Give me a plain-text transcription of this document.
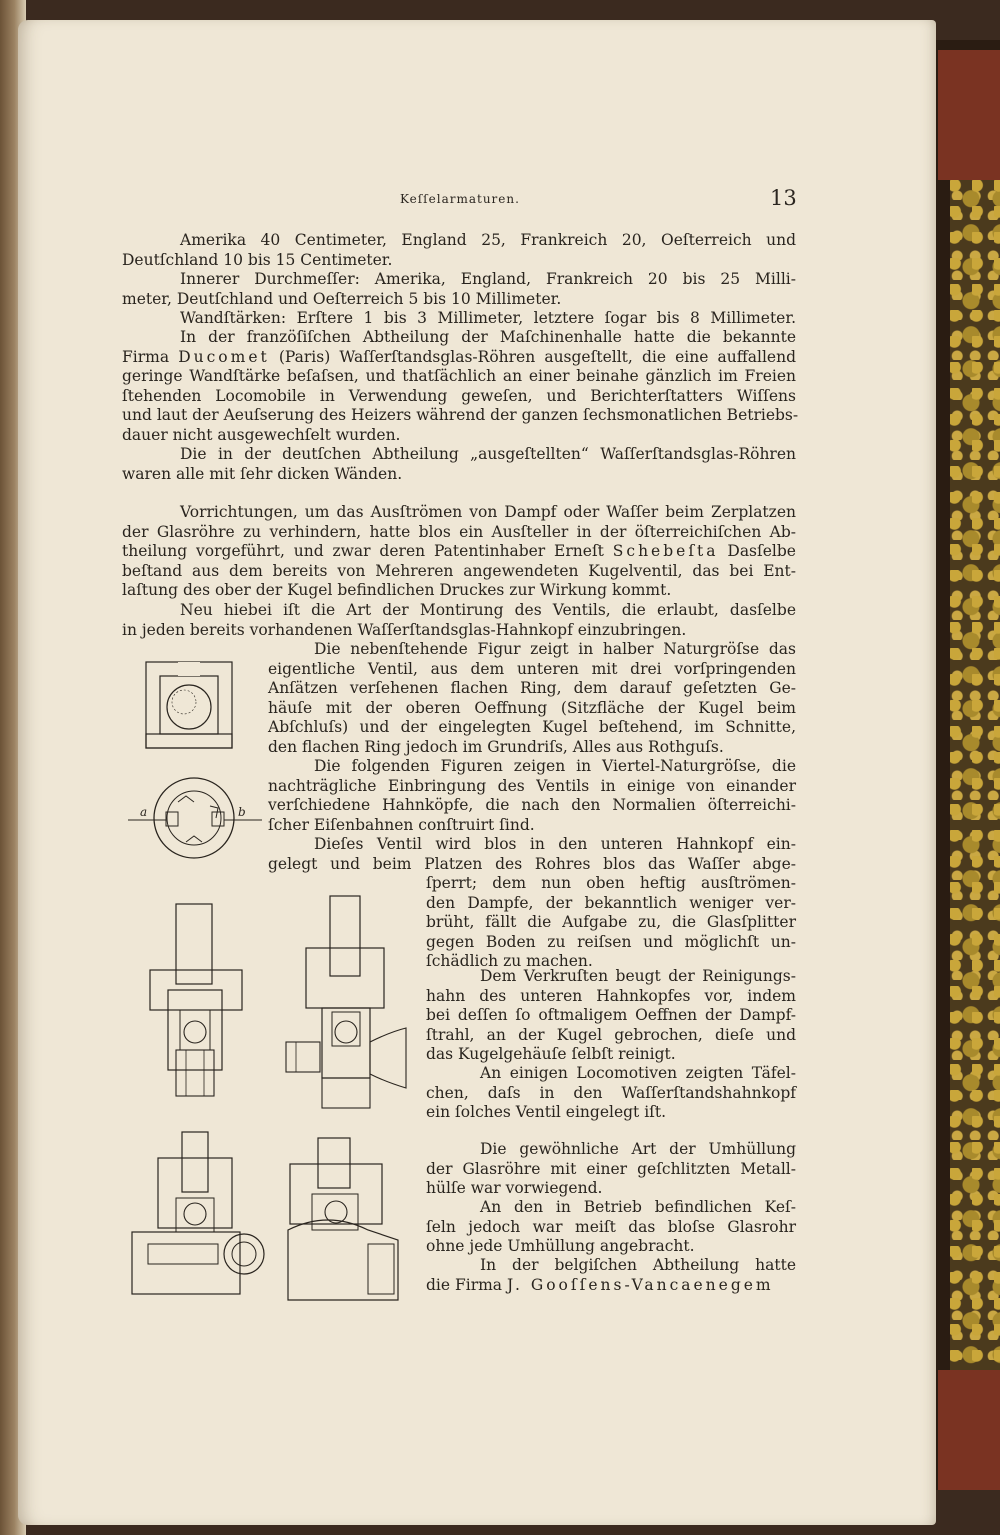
Keſſelarmaturen.	13

Amerika 40 Centimeter, England 25, Frankreich 20, Oeſterreich und
Deutſchland 10 bis 15 Centimeter.

Innerer Durchmeſſer: Amerika, England, Frankreich 20 bis 25 Milli-
meter, Deutſchland und Oeſterreich 5 bis 10 Millimeter.

Wandſtärken: Erſtere 1 bis 3 Millimeter, letztere ſogar bis 8 Millimeter.

In der franzöſiſchen Abtheilung der Maſchinenhalle hatte die bekannte
Firma Ducomet (Paris) Waſſerſtandsglas-Röhren ausgeſtellt, die eine auffallend
geringe Wandſtärke beſaſsen, und thatſächlich an einer beinahe gänzlich im Freien
ſtehenden Locomobile in Verwendung geweſen, und Berichterſtatters Wiſſens
und laut der Aeuſserung des Heizers während der ganzen ſechsmonatlichen Betriebs-
dauer nicht ausgewechſelt wurden.

Die in der deutſchen Abtheilung „ausgeſtellten“ Waſſerſtandsglas-Röhren
waren alle mit ſehr dicken Wänden.

Vorrichtungen, um das Ausſtrömen von Dampf oder Waſſer beim Zerplatzen
der Glasröhre zu verhindern, hatte blos ein Ausſteller in der öſterreichiſchen Ab-
theilung vorgeführt, und zwar deren Patentinhaber Erneſt Schebeſta Dasſelbe
beſtand aus dem bereits von Mehreren angewendeten Kugelventil, das bei Ent-
laſtung des ober der Kugel befindlichen Druckes zur Wirkung kommt.

Neu hiebei iſt die Art der Montirung des Ventils, die erlaubt, dasſelbe
in jeden bereits vorhandenen Waſſerſtandsglas-Hahnkopf einzubringen.

Die nebenſtehende Figur zeigt in halber Naturgröſse das
eigentliche Ventil, aus dem unteren mit drei vorſpringenden
Anſätzen verſehenen flachen Ring, dem darauf geſetzten Ge-
häuſe mit der oberen Oeffnung (Sitzfläche der Kugel beim
Abſchluſs) und der eingelegten Kugel beſtehend, im Schnitte,
den flachen Ring jedoch im Grundriſs, Alles aus Rothguſs.

Die folgenden Figuren zeigen in Viertel-Naturgröſse, die
nachträgliche Einbringung des Ventils in einige von einander
verſchiedene Hahnköpfe, die nach den Normalien öſterreichi-
ſcher Eiſenbahnen conſtruirt ſind.

Dieſes Ventil wird blos in den unteren Hahnkopf ein-
gelegt und beim Platzen des Rohres blos das Waſſer abge-

ſperrt; dem nun oben heftig ausſtrömen-
den Dampfe, der bekanntlich weniger ver-
brüht, fällt die Aufgabe zu, die Glasſplitter
gegen Boden zu reiſsen und möglichſt un-
ſchädlich zu machen.

Dem Verkruſten beugt der Reinigungs-
hahn des unteren Hahnkopfes vor, indem
bei deſſen ſo oftmaligem Oeffnen der Dampf-
ſtrahl, an der Kugel gebrochen, dieſe und
das Kugelgehäuſe ſelbſt reinigt.

An einigen Locomotiven zeigten Täfel-
chen, daſs in den Waſſerſtandshahnkopf
ein ſolches Ventil eingelegt iſt.

Die gewöhnliche Art der Umhüllung
der Glasröhre mit einer geſchlitzten Metall-
hülſe war vorwiegend.

An den in Betrieb befindlichen Keſ-
ſeln jedoch war meiſt das bloſse Glasrohr
ohne jede Umhüllung angebracht.

In der belgiſchen Abtheilung hatte
die Firma J. Gooſſens-Vancaenegem

a	b
